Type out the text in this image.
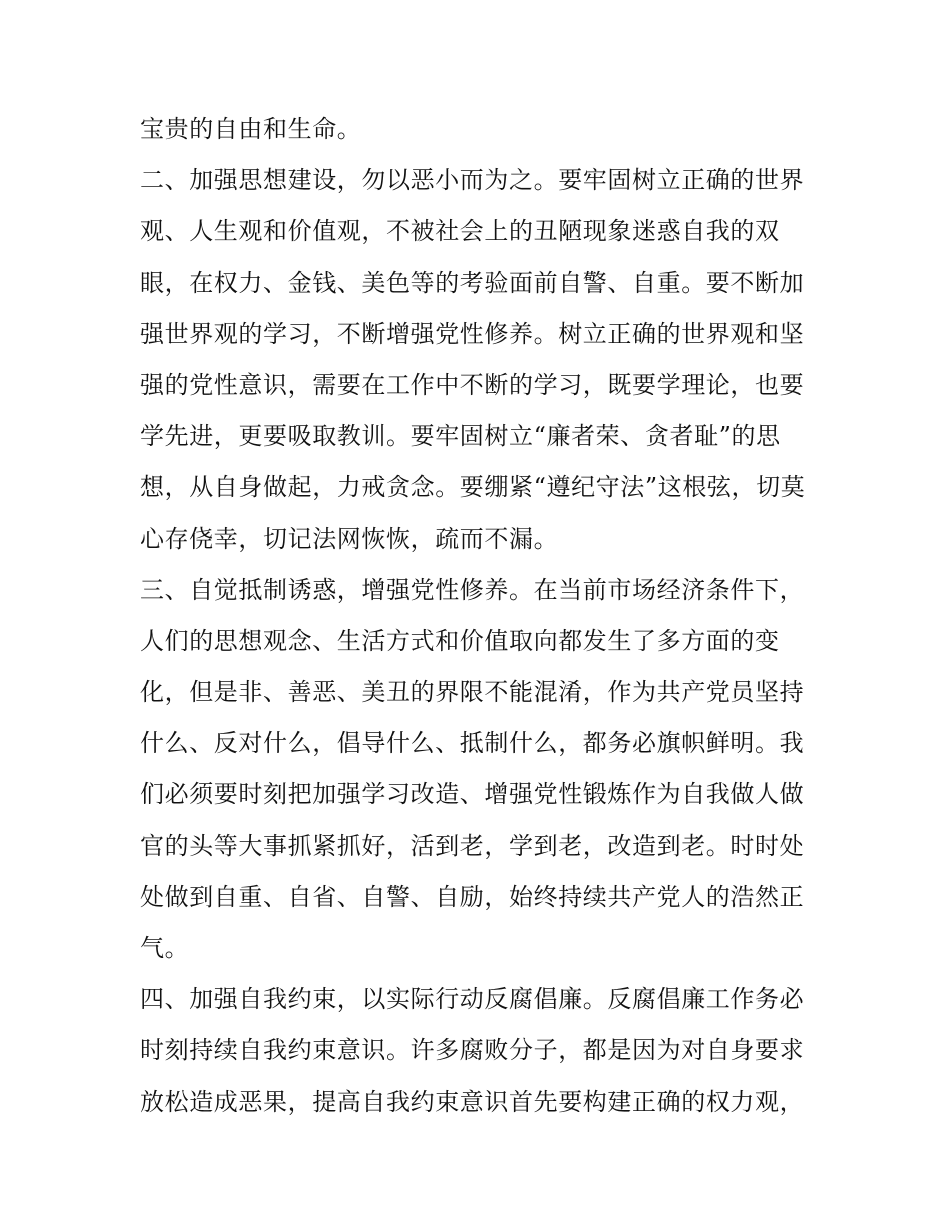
宝贵的自由和生命。
二、加强思想建设，勿以恶小而为之。要牢固树立正确的世界
观、人生观和价值观，不被社会上的丑陋现象迷惑自我的双
眼，在权力、金钱、美色等的考验面前自警、自重。要不断加
强世界观的学习，不断增强党性修养。树立正确的世界观和坚
强的党性意识，需要在工作中不断的学习，既要学理论，也要
学先进，更要吸取教训。要牢固树立“廉者荣、贪者耻”的思
想，从自身做起，力戒贪念。要绷紧“遵纪守法”这根弦，切莫
心存侥幸，切记法网恢恢，疏而不漏。
三、自觉抵制诱惑，增强党性修养。在当前市场经济条件下，
人们的思想观念、生活方式和价值取向都发生了多方面的变
化，但是非、善恶、美丑的界限不能混淆，作为共产党员坚持
什么、反对什么，倡导什么、抵制什么，都务必旗帜鲜明。我
们必须要时刻把加强学习改造、增强党性锻炼作为自我做人做
官的头等大事抓紧抓好，活到老，学到老，改造到老。时时处
处做到自重、自省、自警、自励，始终持续共产党人的浩然正
气。
四、加强自我约束，以实际行动反腐倡廉。反腐倡廉工作务必
时刻持续自我约束意识。许多腐败分子，都是因为对自身要求
放松造成恶果，提高自我约束意识首先要构建正确的权力观，
